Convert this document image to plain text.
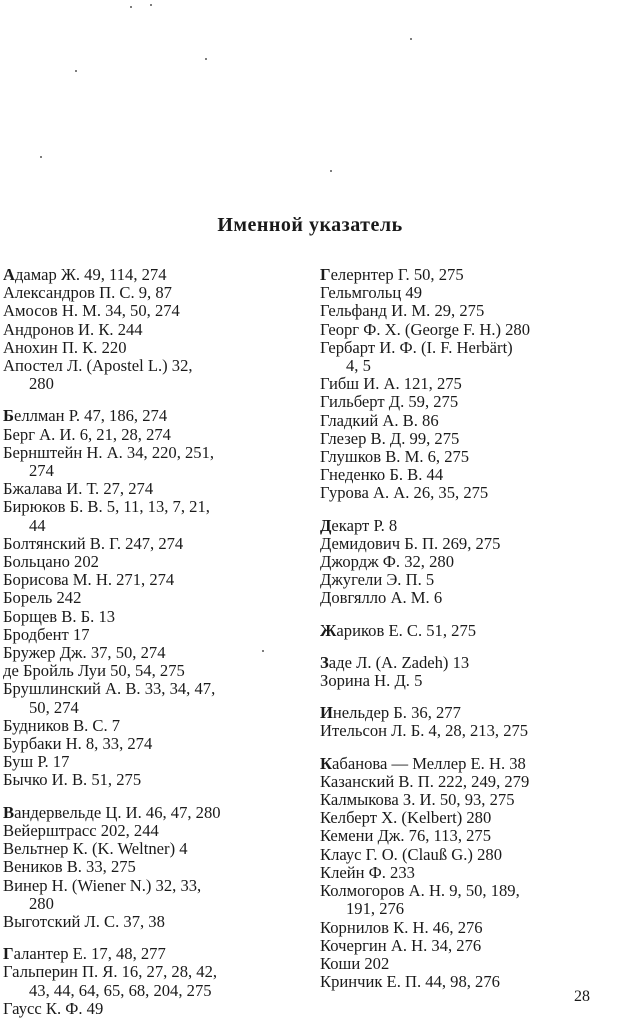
Именной указатель
Адамар Ж. 49, 114, 274
Александров П. С. 9, 87
Амосов Н. М. 34, 50, 274
Андронов И. К. 244
Анохин П. К. 220
Апостел Л. (Apostel L.) 32,
280
Беллман Р. 47, 186, 274
Берг А. И. 6, 21, 28, 274
Бернштейн Н. А. 34, 220, 251,
274
Бжалава И. Т. 27, 274
Бирюков Б. В. 5, 11, 13, 7, 21,
44
Болтянский В. Г. 247, 274
Больцано 202
Борисова М. Н. 271, 274
Борель 242
Борщев В. Б. 13
Бродбент 17
Бружер Дж. 37, 50, 274
де Бройль Луи 50, 54, 275
Брушлинский А. В. 33, 34, 47,
50, 274
Будников В. С. 7
Бурбаки Н. 8, 33, 274
Буш Р. 17
Бычко И. В. 51, 275
Вандервельде Ц. И. 46, 47, 280
Вейерштрасс 202, 244
Вельтнер К. (K. Weltner) 4
Веников В. 33, 275
Винер Н. (Wiener N.) 32, 33,
280
Выготский Л. С. 37, 38
Галантер Е. 17, 48, 277
Гальперин П. Я. 16, 27, 28, 42,
43, 44, 64, 65, 68, 204, 275
Гаусс К. Ф. 49
Гелернтер Г. 50, 275
Гельмгольц 49
Гельфанд И. М. 29, 275
Георг Ф. Х. (George F. H.) 280
Гербарт И. Ф. (I. F. Herbärt)
4, 5
Гибш И. А. 121, 275
Гильберт Д. 59, 275
Гладкий А. В. 86
Глезер В. Д. 99, 275
Глушков В. М. 6, 275
Гнеденко Б. В. 44
Гурова А. А. 26, 35, 275
Декарт Р. 8
Демидович Б. П. 269, 275
Джордж Ф. 32, 280
Джугели Э. П. 5
Довгялло А. М. 6
Жариков Е. С. 51, 275
Заде Л. (A. Zadeh) 13
Зорина Н. Д. 5
Инельдер Б. 36, 277
Ительсон Л. Б. 4, 28, 213, 275
Кабанова — Меллер Е. Н. 38
Казанский В. П. 222, 249, 279
Калмыкова З. И. 50, 93, 275
Келберт Х. (Kelbert) 280
Кемени Дж. 76, 113, 275
Клаус Г. О. (Clauß G.) 280
Клейн Ф. 233
Колмогоров А. Н. 9, 50, 189,
191, 276
Корнилов К. Н. 46, 276
Кочергин А. Н. 34, 276
Коши 202
Кринчик Е. П. 44, 98, 276
28
